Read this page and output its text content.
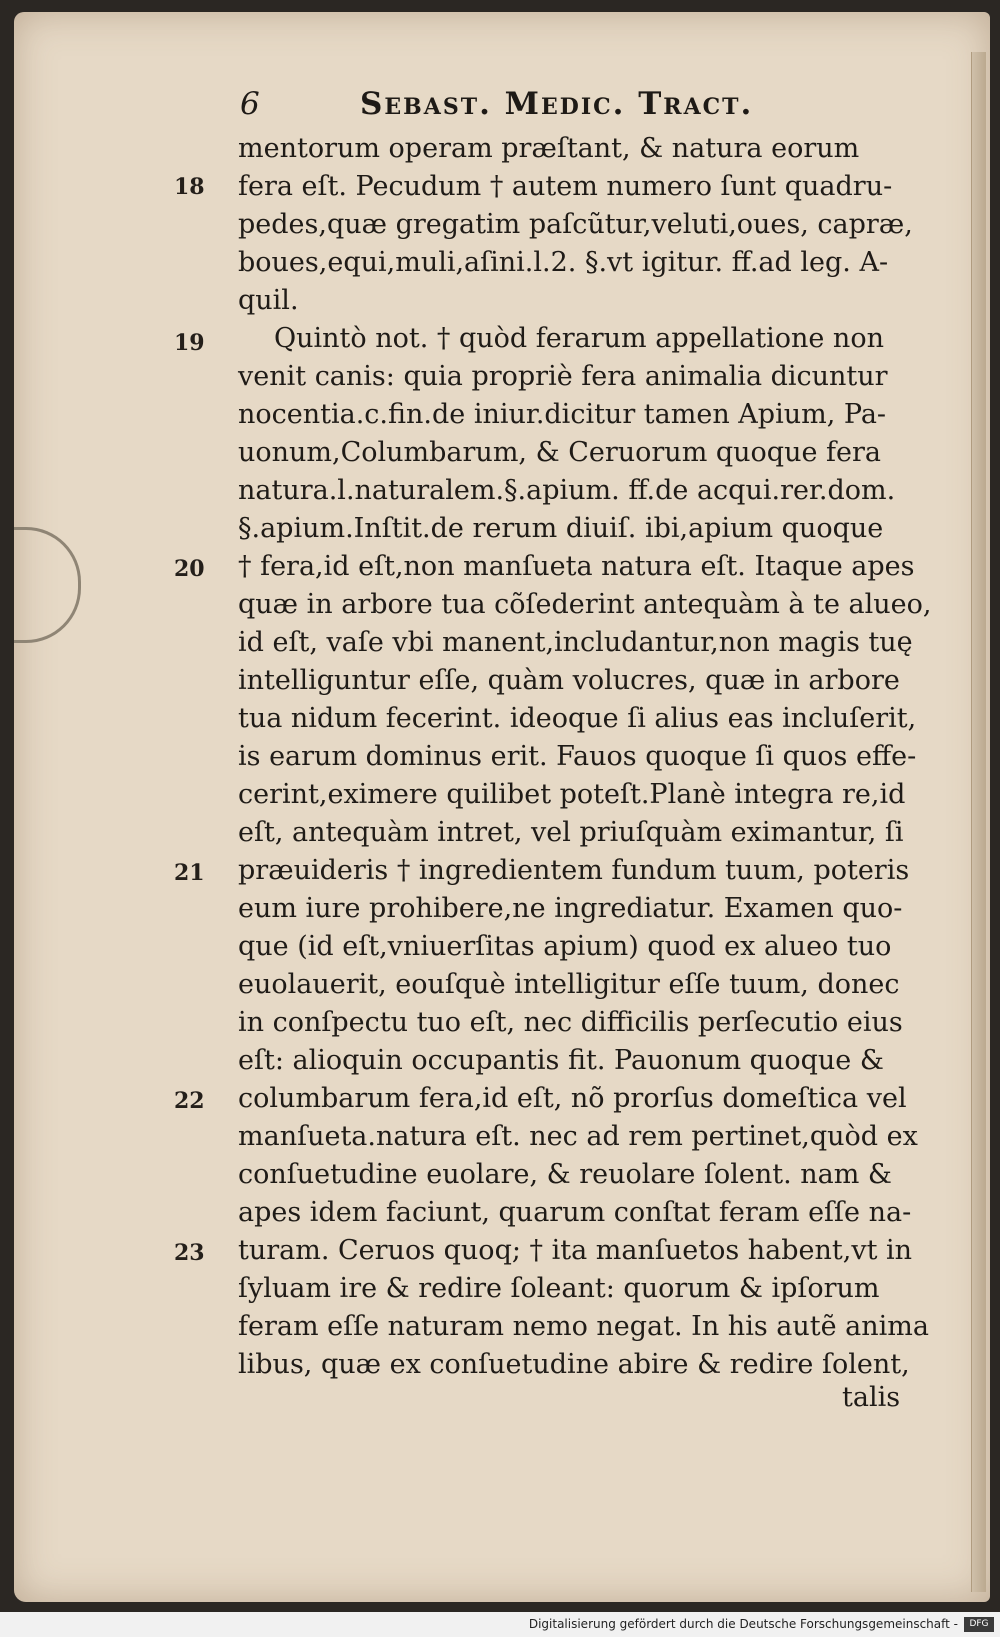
6	Sebast. Medic. Tract.
mentorum operam præſtant, & natura eorum
fera eſt. Pecudum † autem numero ſunt quadru-
pedes,quæ gregatim paſcũtur,veluti,oues, capræ,
boues,equi,muli,aſini.l.2. §.vt igitur. ff.ad leg. A-
quil.
Quintò not. † quòd ferarum appellatione non
venit canis: quia propriè fera animalia dicuntur
nocentia.c.fin.de iniur.dicitur tamen Apium, Pa-
uonum,Columbarum, & Ceruorum quoque fera
natura.l.naturalem.§.apium. ff.de acqui.rer.dom.
§.apium.Inſtit.de rerum diuiſ. ibi,apium quoque
† fera,id eſt,non manſueta natura eſt. Itaque apes
quæ in arbore tua cõſederint antequàm à te alueo,
id eſt, vaſe vbi manent,includantur,non magis tuę
intelliguntur eſſe, quàm volucres, quæ in arbore
tua nidum fecerint. ideoque ſi alius eas incluſerit,
is earum dominus erit. Fauos quoque ſi quos effe-
cerint,eximere quilibet poteſt.Planè integra re,id
eſt, antequàm intret, vel priuſquàm eximantur, ſi
præuideris † ingredientem fundum tuum, poteris
eum iure prohibere,ne ingrediatur. Examen quo-
que (id eſt,vniuerſitas apium) quod ex alueo tuo
euolauerit, eouſquè intelligitur eſſe tuum, donec
in conſpectu tuo eſt, nec difficilis perſecutio eius
eſt: alioquin occupantis fit. Pauonum quoque &
columbarum fera,id eſt, nõ prorſus domeſtica vel
manſueta.natura eſt. nec ad rem pertinet,quòd ex
conſuetudine euolare, & reuolare ſolent. nam &
apes idem faciunt, quarum conſtat feram eſſe na-
turam. Ceruos quoq; † ita manſuetos habent,vt in
ſyluam ire & redire ſoleant: quorum & ipſorum
feram eſſe naturam nemo negat. In his autẽ anima
libus, quæ ex conſuetudine abire & redire ſolent,
18
19
20
21
22
23
talis
Digitalisierung gefördert durch die Deutsche Forschungsgemeinschaft -	DFG
